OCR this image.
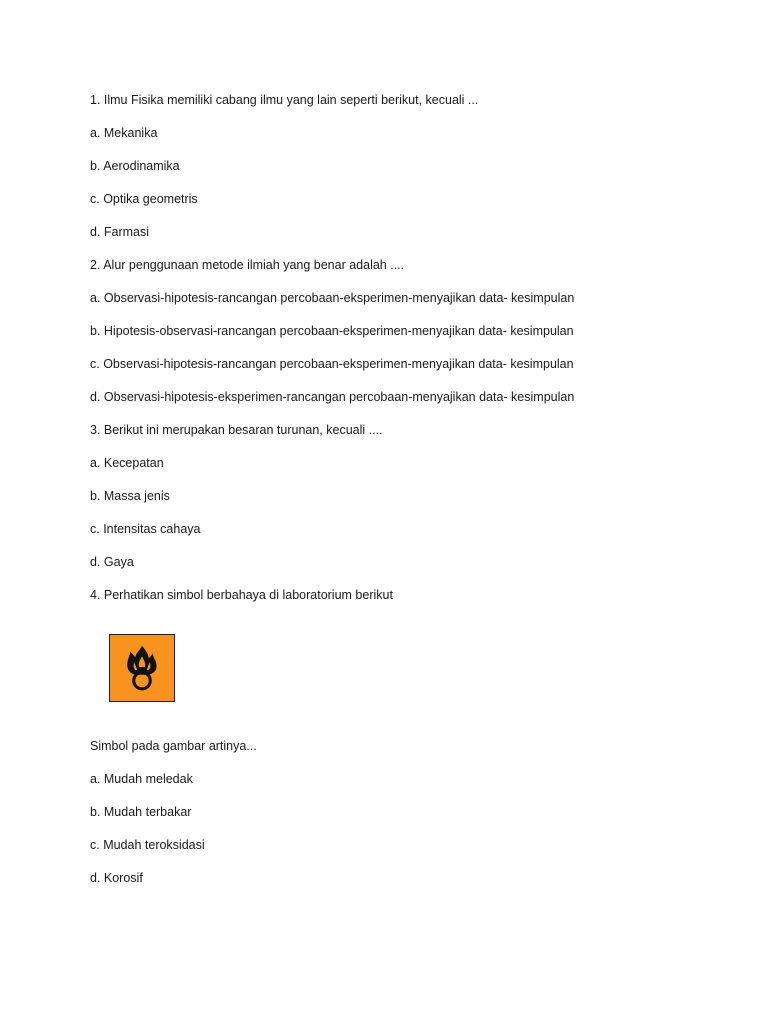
1. Ilmu Fisika memiliki cabang ilmu yang lain seperti berikut, kecuali ...
a. Mekanika
b. Aerodinamika
c. Optika geometris
d. Farmasi
2. Alur penggunaan metode ilmiah yang benar adalah ....
a. Observasi-hipotesis-rancangan percobaan-eksperimen-menyajikan data- kesimpulan
b. Hipotesis-observasi-rancangan percobaan-eksperimen-menyajikan data- kesimpulan
c. Observasi-hipotesis-rancangan percobaan-eksperimen-menyajikan data- kesimpulan
d. Observasi-hipotesis-eksperimen-rancangan percobaan-menyajikan data- kesimpulan
3. Berikut ini merupakan besaran turunan, kecuali ....
a. Kecepatan
b. Massa jenis
c. Intensitas cahaya
d. Gaya
4. Perhatikan simbol berbahaya di laboratorium berikut
Simbol pada gambar artinya...
a. Mudah meledak
b. Mudah terbakar
c. Mudah teroksidasi
d. Korosif
